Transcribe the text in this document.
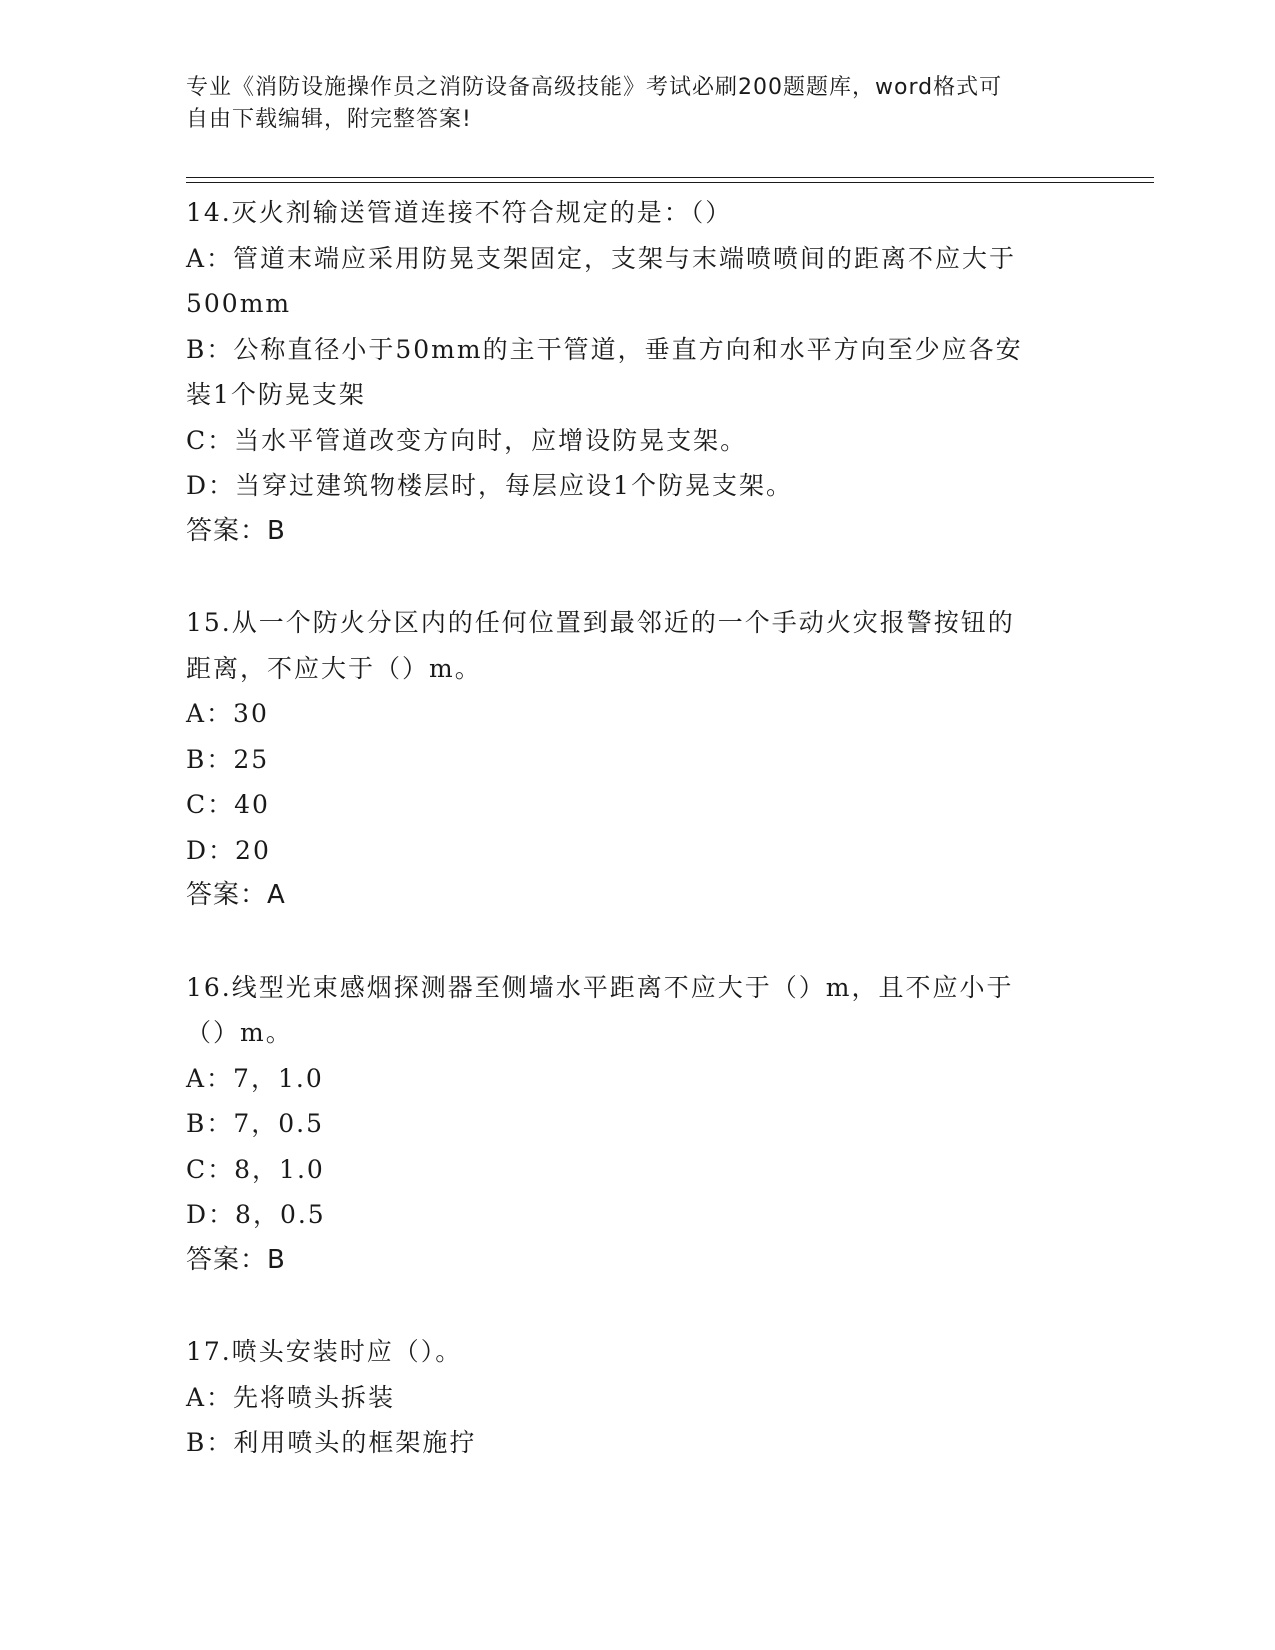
专业《消防设施操作员之消防设备高级技能》考试必刷200题题库，word格式可
自由下载编辑，附完整答案!
14.灭火剂输送管道连接不符合规定的是：（）
A：管道末端应采用防晃支架固定，支架与末端喷喷间的距离不应大于
500mm
B：公称直径小于50mm的主干管道，垂直方向和水平方向至少应各安
装1个防晃支架
C：当水平管道改变方向时，应增设防晃支架。
D：当穿过建筑物楼层时，每层应设1个防晃支架。
答案：B
15.从一个防火分区内的任何位置到最邻近的一个手动火灾报警按钮的
距离，不应大于（）m。
A：30
B：25
C：40
D：20
答案：A
16.线型光束感烟探测器至侧墙水平距离不应大于（）m，且不应小于
（）m。
A：7，1.0
B：7，0.5
C：8，1.0
D：8，0.5
答案：B
17.喷头安装时应（）。
A：先将喷头拆装
B：利用喷头的框架施拧
